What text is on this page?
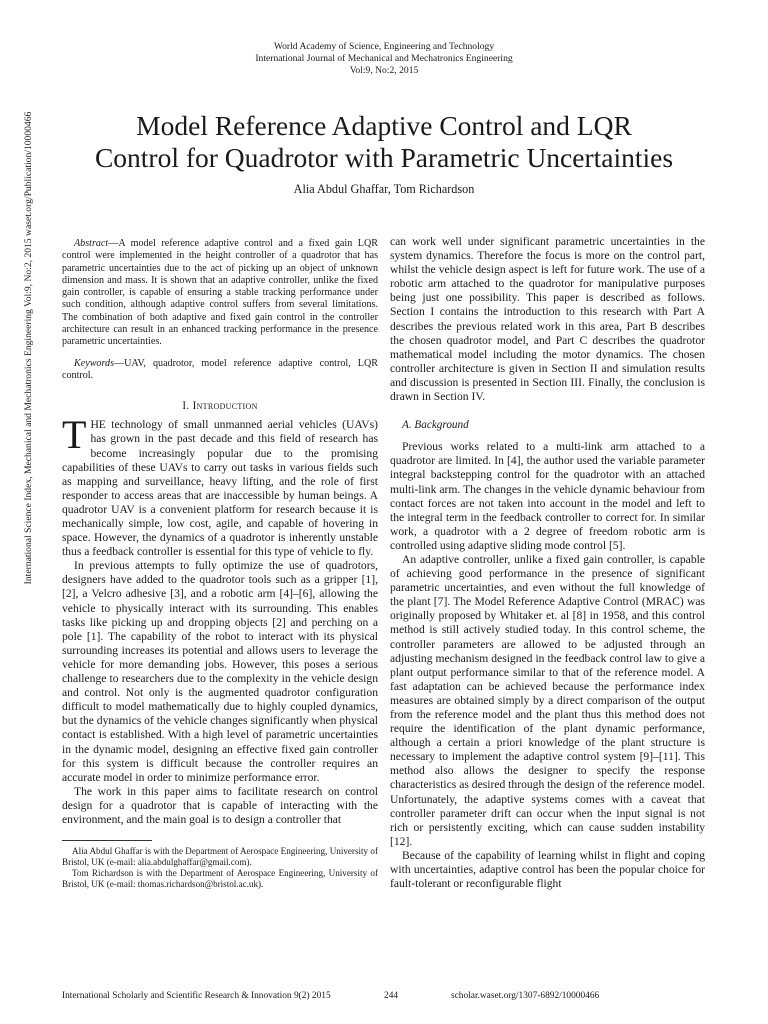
World Academy of Science, Engineering and Technology
International Journal of Mechanical and Mechatronics Engineering
Vol:9, No:2, 2015
Model Reference Adaptive Control and LQR
Control for Quadrotor with Parametric Uncertainties
Alia Abdul Ghaffar, Tom Richardson
International Science Index, Mechanical and Mechatronics Engineering Vol:9, No:2, 2015 waset.org/Publication/10000466	Abstract—A model reference adaptive control and a fixed gain LQR control were implemented in the height controller of a quadrotor that has parametric uncertainties due to the act of picking up an object of unknown dimension and mass. It is shown that an adaptive controller, unlike the fixed gain controller, is capable of ensuring a stable tracking performance under such condition, although adaptive control suffers from several limitations. The combination of both adaptive and fixed gain control in the controller architecture can result in an enhanced tracking performance in the presence parametric uncertainties.

Keywords—UAV, quadrotor, model reference adaptive control, LQR control.

I. Introduction

THE technology of small unmanned aerial vehicles (UAVs) has grown in the past decade and this field of research has become increasingly popular due to the promising capabilities of these UAVs to carry out tasks in various fields such as mapping and surveillance, heavy lifting, and the role of first responder to access areas that are inaccessible by human beings. A quadrotor UAV is a convenient platform for research because it is mechanically simple, low cost, agile, and capable of hovering in space. However, the dynamics of a quadrotor is inherently unstable thus a feedback controller is essential for this type of vehicle to fly.

In previous attempts to fully optimize the use of quadrotors, designers have added to the quadrotor tools such as a gripper [1], [2], a Velcro adhesive [3], and a robotic arm [4]–[6], allowing the vehicle to physically interact with its surrounding. This enables tasks like picking up and dropping objects [2] and perching on a pole [1]. The capability of the robot to interact with its physical surrounding increases its potential and allows users to leverage the vehicle for more demanding jobs. However, this poses a serious challenge to researchers due to the complexity in the vehicle design and control. Not only is the augmented quadrotor configuration difficult to model mathematically due to highly coupled dynamics, but the dynamics of the vehicle changes significantly when physical contact is established. With a high level of parametric uncertainties in the dynamic model, designing an effective fixed gain controller for this system is difficult because the controller requires an accurate model in order to minimize performance error.

The work in this paper aims to facilitate research on control design for a quadrotor that is capable of interacting with the environment, and the main goal is to design a controller that

Alia Abdul Ghaffar is with the Department of Aerospace Engineering, University of Bristol, UK (e-mail: alia.abdulghaffar@gmail.com).

Tom Richardson is with the Department of Aerospace Engineering, University of Bristol, UK (e-mail: thomas.richardson@bristol.ac.uk).

can work well under significant parametric uncertainties in the system dynamics. Therefore the focus is more on the control part, whilst the vehicle design aspect is left for future work. The use of a robotic arm attached to the quadrotor for manipulative purposes being just one possibility. This paper is described as follows. Section I contains the introduction to this research with Part A describes the previous related work in this area, Part B describes the chosen quadrotor model, and Part C describes the quadrotor mathematical model including the motor dynamics. The chosen controller architecture is given in Section II and simulation results and discussion is presented in Section III. Finally, the conclusion is drawn in Section IV.

A. Background

Previous works related to a multi-link arm attached to a quadrotor are limited. In [4], the author used the variable parameter integral backstepping control for the quadrotor with an attached multi-link arm. The changes in the vehicle dynamic behaviour from contact forces are not taken into account in the model and left to the integral term in the feedback controller to correct for. In similar work, a quadrotor with a 2 degree of freedom robotic arm is controlled using adaptive sliding mode control [5].

An adaptive controller, unlike a fixed gain controller, is capable of achieving good performance in the presence of significant parametric uncertainties, and even without the full knowledge of the plant [7]. The Model Reference Adaptive Control (MRAC) was originally proposed by Whitaker et. al [8] in 1958, and this control method is still actively studied today. In this control scheme, the controller parameters are allowed to be adjusted through an adjusting mechanism designed in the feedback control law to give a plant output performance similar to that of the reference model. A fast adaptation can be achieved because the performance index measures are obtained simply by a direct comparison of the output from the reference model and the plant thus this method does not require the identification of the plant dynamic performance, although a certain a priori knowledge of the plant structure is necessary to implement the adaptive control system [9]–[11]. This method also allows the designer to specify the response characteristics as desired through the design of the reference model. Unfortunately, the adaptive systems comes with a caveat that controller parameter drift can occur when the input signal is not rich or persistently exciting, which can cause sudden instability [12].

Because of the capability of learning whilst in flight and coping with uncertainties, adaptive control has been the popular choice for fault-tolerant or reconfigurable flight

International Scholarly and Scientific Research & Innovation 9(2) 2015	244	scholar.waset.org/1307-6892/10000466
